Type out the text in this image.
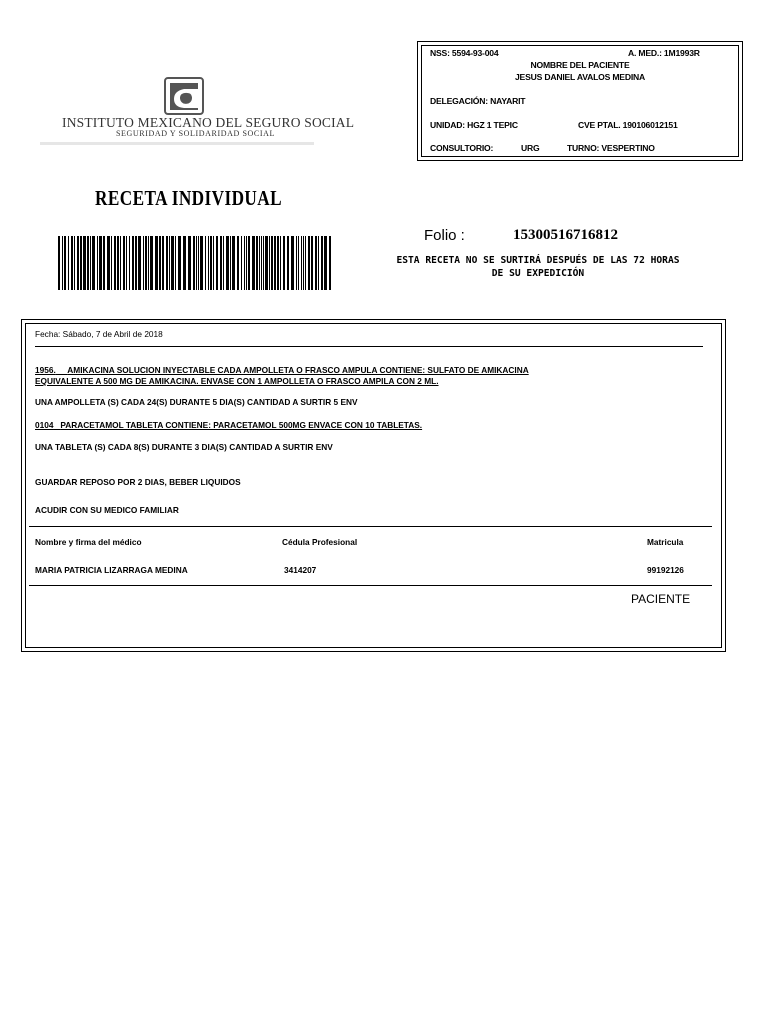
INSTITUTO MEXICANO DEL SEGURO SOCIAL
SEGURIDAD Y SOLIDARIDAD SOCIAL
NSS: 5594-93-004	A. MED.: 1M1993R
NOMBRE DEL PACIENTE
JESUS DANIEL AVALOS MEDINA
DELEGACIÓN: NAYARIT
UNIDAD: HGZ 1 TEPIC	CVE PTAL. 190106012151
CONSULTORIO:	URG	TURNO: VESPERTINO
RECETA INDIVIDUAL
Folio :	15300516716812
ESTA RECETA NO SE SURTIRÁ DESPUÉS DE LAS 72 HORAS
DE SU EXPEDICIÓN
Fecha: Sábado, 7 de Abril de 2018
1956. AMIKACINA SOLUCION INYECTABLE CADA AMPOLLETA O FRASCO AMPULA CONTIENE: SULFATO DE AMIKACINA
EQUIVALENTE A 500 MG DE AMIKACINA. ENVASE CON 1 AMPOLLETA O FRASCO AMPILA CON 2 ML.
UNA AMPOLLETA (S) CADA 24(S) DURANTE 5 DIA(S) CANTIDAD A SURTIR 5 ENV
0104 PARACETAMOL TABLETA CONTIENE: PARACETAMOL 500MG ENVACE CON 10 TABLETAS.
UNA TABLETA (S) CADA 8(S) DURANTE 3 DIA(S) CANTIDAD A SURTIR ENV
GUARDAR REPOSO POR 2 DIAS, BEBER LIQUIDOS
ACUDIR CON SU MEDICO FAMILIAR
Nombre y firma del médico	Cédula Profesional	Matricula
MARIA PATRICIA LIZARRAGA MEDINA	3414207	99192126
PACIENTE
